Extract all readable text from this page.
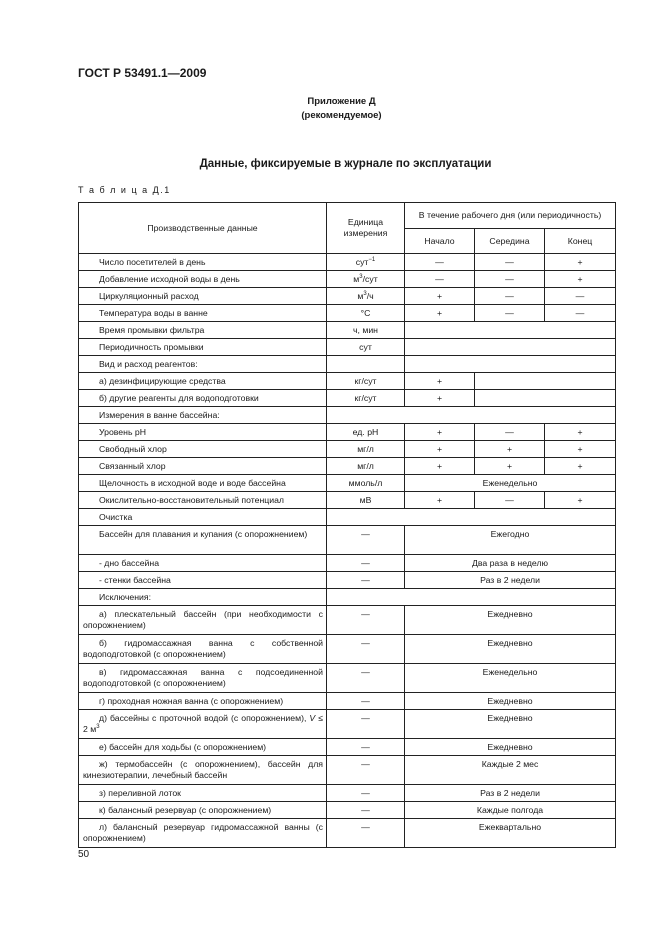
ГОСТ Р 53491.1—2009
Приложение Д
(рекомендуемое)
Данные, фиксируемые в журнале по эксплуатации
Т а б л и ц а Д.1
Производственные данные	Единица измерения	В течение рабочего дня (или периодичность)		
		Начало	Середина	Конец
Число посетителей в день	сут$^{-1}$	—	—	+
Добавление исходной воды в день	$м^3$/сут	—	—	+
Циркуляционный расход	$м^3/ч$	+	—	—
Температура воды в ванне	°С	+	—	—
Время промывки фильтра	ч, мин			
Периодичность промывки	сут			
Вид и расход реагентов:				
а) дезинфицирующие средства	кг/сут	+		
б) другие реагенты для водоподготовки	кг/сут	+		
Измерения в ванне бассейна:				
Уровень pH	ед. pH	+	—	+
Свободный хлор	мг/л	+	+	+
Связанный хлор	мг/л	+	+	+
Щелочность в исходной воде и воде бассейна	ммоль/л	Еженедельно		
Окислительно-восстановительный потенциал	мВ	+	—	+
Очистка				
Бассейн для плавания и купания (с опорожнением)	—	Ежегодно		
- дно бассейна	—	Два раза в неделю		
- стенки бассейна	—	Раз в 2 недели		
Исключения:				
а) плескательный бассейн (при необходимости с опорожнением)	—	Ежедневно		
б) гидромассажная ванна с собственной водоподготовкой (с опорожнением)	—	Ежедневно		
в) гидромассажная ванна с подсоединенной водоподготовкой (с опорожнением)	—	Еженедельно		
г) проходная ножная ванна (с опорожнением)	—	Ежедневно		
д) бассейны с проточной водой (с опорожнением), V ≤ 2 $м^3$	—	Ежедневно		
е) бассейн для ходьбы (с опорожнением)	—	Ежедневно		
ж) термобассейн (с опорожнением), бассейн для кинезиотерапии, лечебный бассейн	—	Каждые 2 мес		
з) переливной лоток	—	Раз в 2 недели		
к) балансный резервуар (с опорожнением)	—	Каждые полгода		
л) балансный резервуар гидромассажной ванны (с опорожнением)	—	Ежеквартально		
50
